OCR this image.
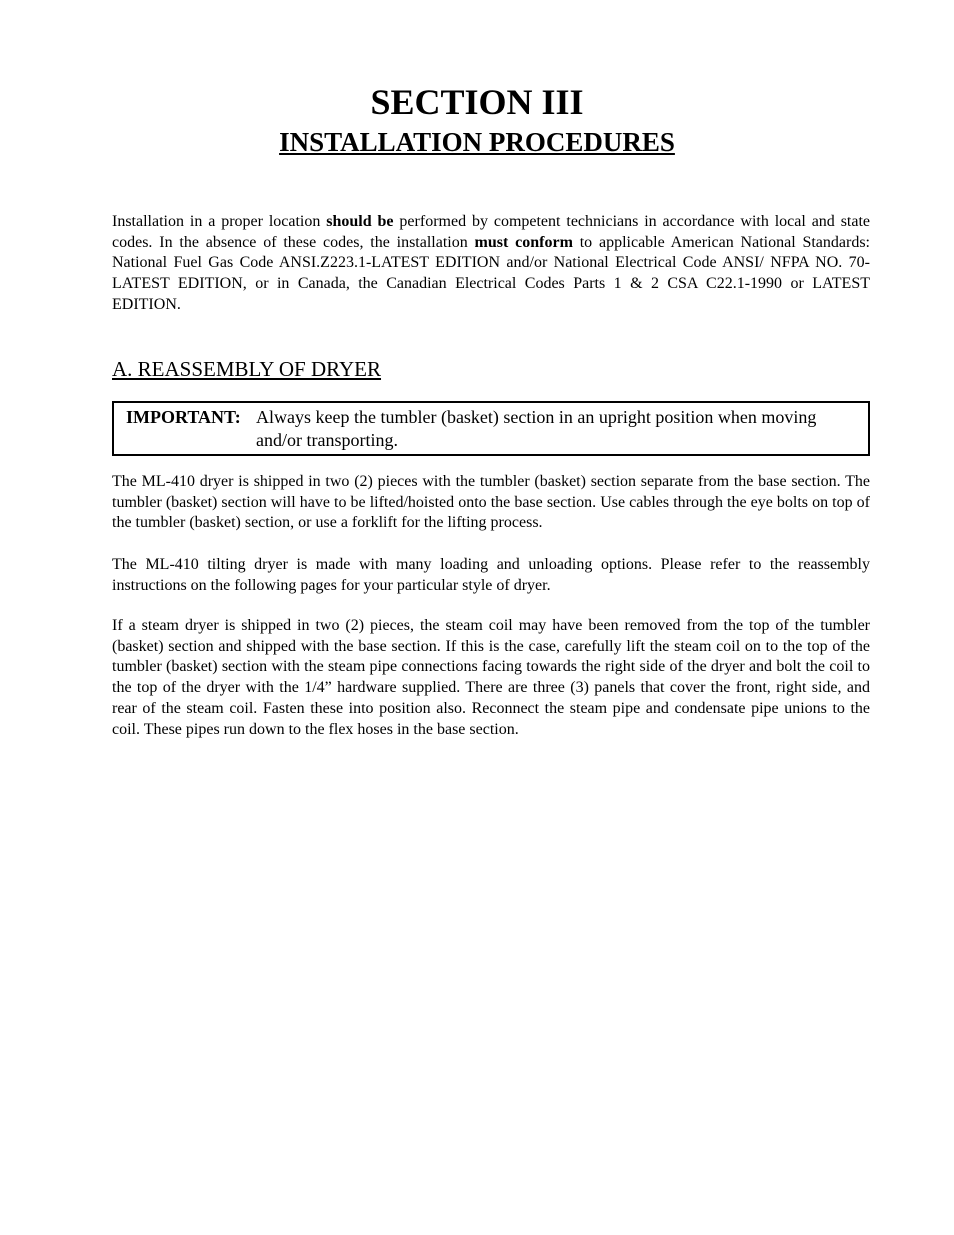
SECTION III
INSTALLATION PROCEDURES

Installation in a proper location should be performed by competent technicians in accordance with local and state codes. In the absence of these codes, the installation must conform to applicable American National Standards: National Fuel Gas Code ANSI.Z223.1-LATEST EDITION and/or National Electrical Code ANSI/ NFPA NO. 70-LATEST EDITION, or in Canada, the Canadian Electrical Codes Parts 1 & 2 CSA C22.1-1990 or LATEST EDITION.

A. REASSEMBLY OF DRYER
IMPORTANT: Always keep the tumbler (basket) section in an upright position when moving and/or transporting.

The ML-410 dryer is shipped in two (2) pieces with the tumbler (basket) section separate from the base section. The tumbler (basket) section will have to be lifted/hoisted onto the base section. Use cables through the eye bolts on top of the tumbler (basket) section, or use a forklift for the lifting process.

The ML-410 tilting dryer is made with many loading and unloading options. Please refer to the reassembly instructions on the following pages for your particular style of dryer.

If a steam dryer is shipped in two (2) pieces, the steam coil may have been removed from the top of the tumbler (basket) section and shipped with the base section. If this is the case, carefully lift the steam coil on to the top of the tumbler (basket) section with the steam pipe connections facing towards the right side of the dryer and bolt the coil to the top of the dryer with the 1/4” hardware supplied. There are three (3) panels that cover the front, right side, and rear of the steam coil. Fasten these into position also. Reconnect the steam pipe and condensate pipe unions to the coil. These pipes run down to the flex hoses in the base section.
